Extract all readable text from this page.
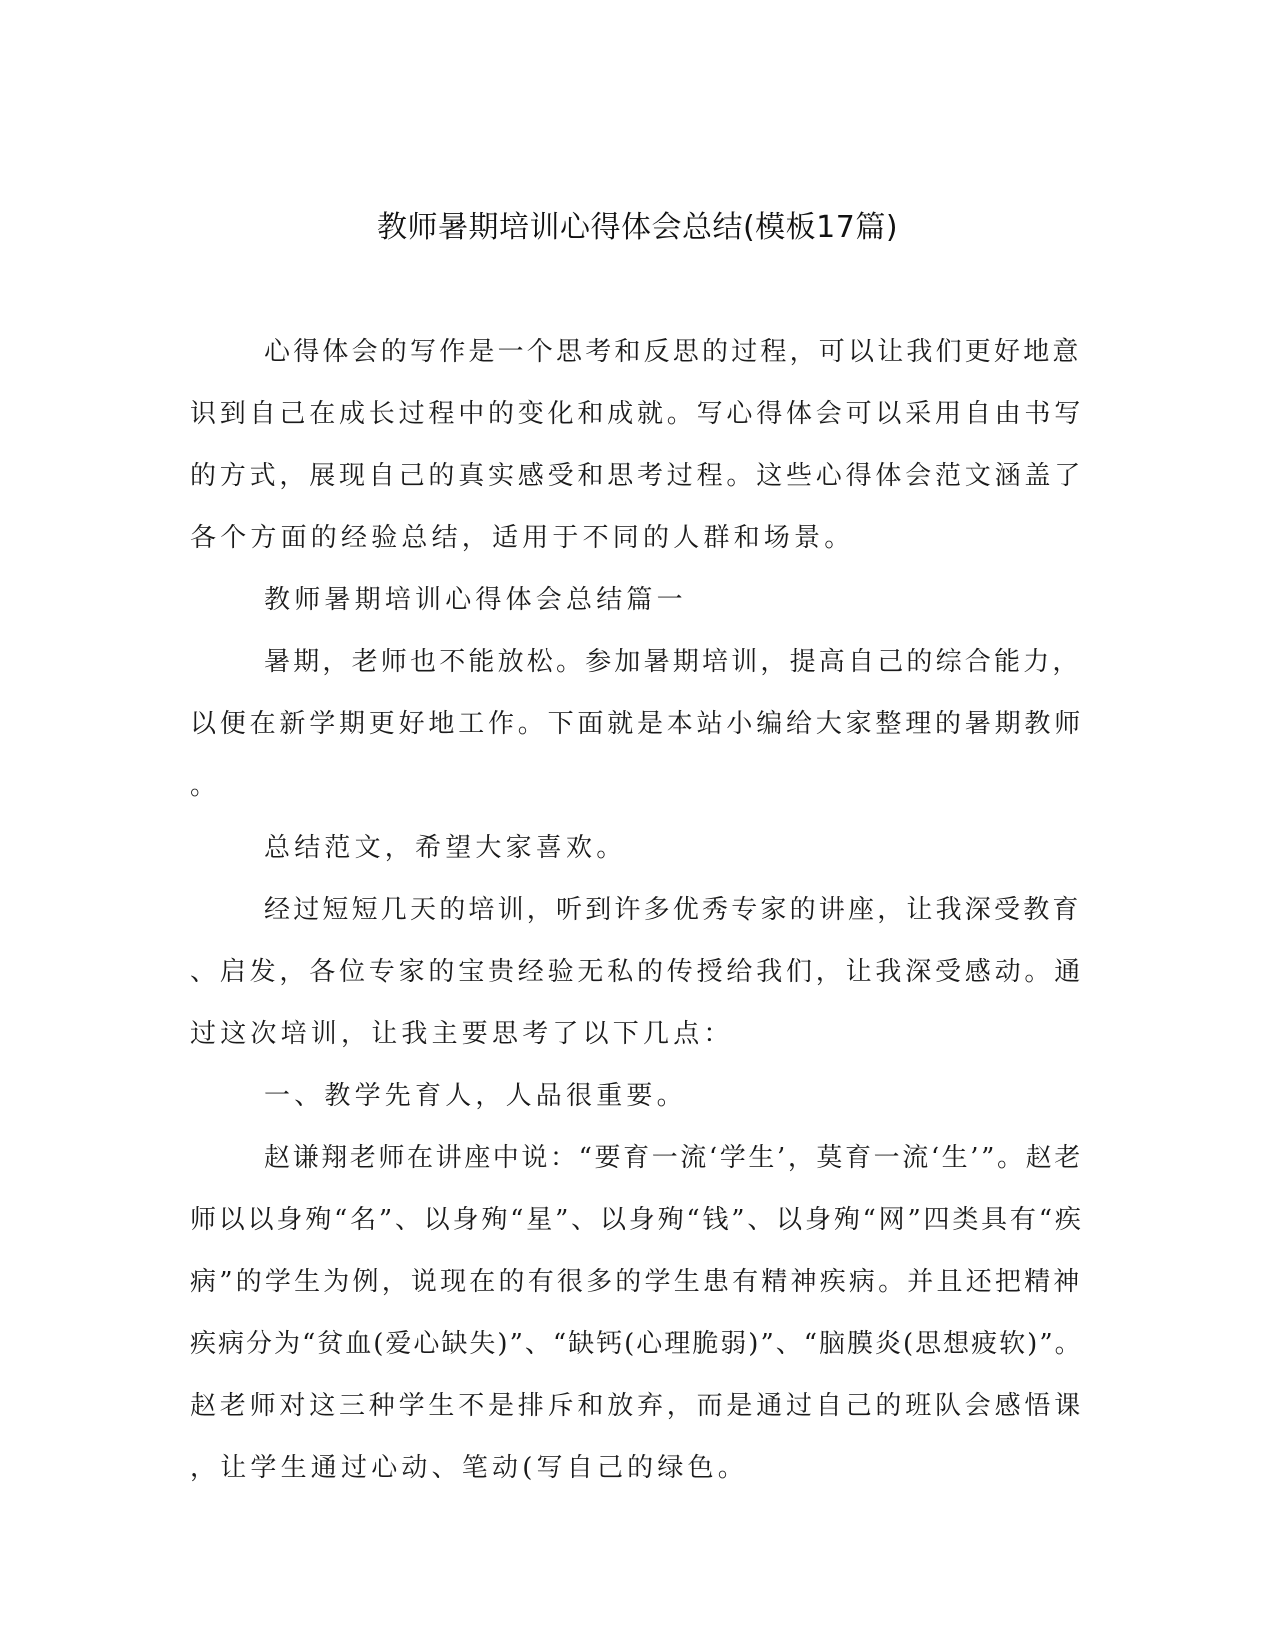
教师暑期培训心得体会总结(模板17篇)
心得体会的写作是一个思考和反思的过程，可以让我们更好地意
识到自己在成长过程中的变化和成就。写心得体会可以采用自由书写
的方式，展现自己的真实感受和思考过程。这些心得体会范文涵盖了
各个方面的经验总结，适用于不同的人群和场景。
教师暑期培训心得体会总结篇一
暑期，老师也不能放松。参加暑期培训，提高自己的综合能力，
以便在新学期更好地工作。下面就是本站小编给大家整理的暑期教师
。
总结范文，希望大家喜欢。
经过短短几天的培训，听到许多优秀专家的讲座，让我深受教育
、启发，各位专家的宝贵经验无私的传授给我们，让我深受感动。通
过这次培训，让我主要思考了以下几点：
一、教学先育人，人品很重要。
赵谦翔老师在讲座中说：“要育一流‘学生’，莫育一流‘生’”。赵老
师以以身殉“名”、以身殉“星”、以身殉“钱”、以身殉“网”四类具有“疾
病”的学生为例，说现在的有很多的学生患有精神疾病。并且还把精神
疾病分为“贫血(爱心缺失)”、“缺钙(心理脆弱)”、“脑膜炎(思想疲软)”。
赵老师对这三种学生不是排斥和放弃，而是通过自己的班队会感悟课
，让学生通过心动、笔动(写自己的绿色。
